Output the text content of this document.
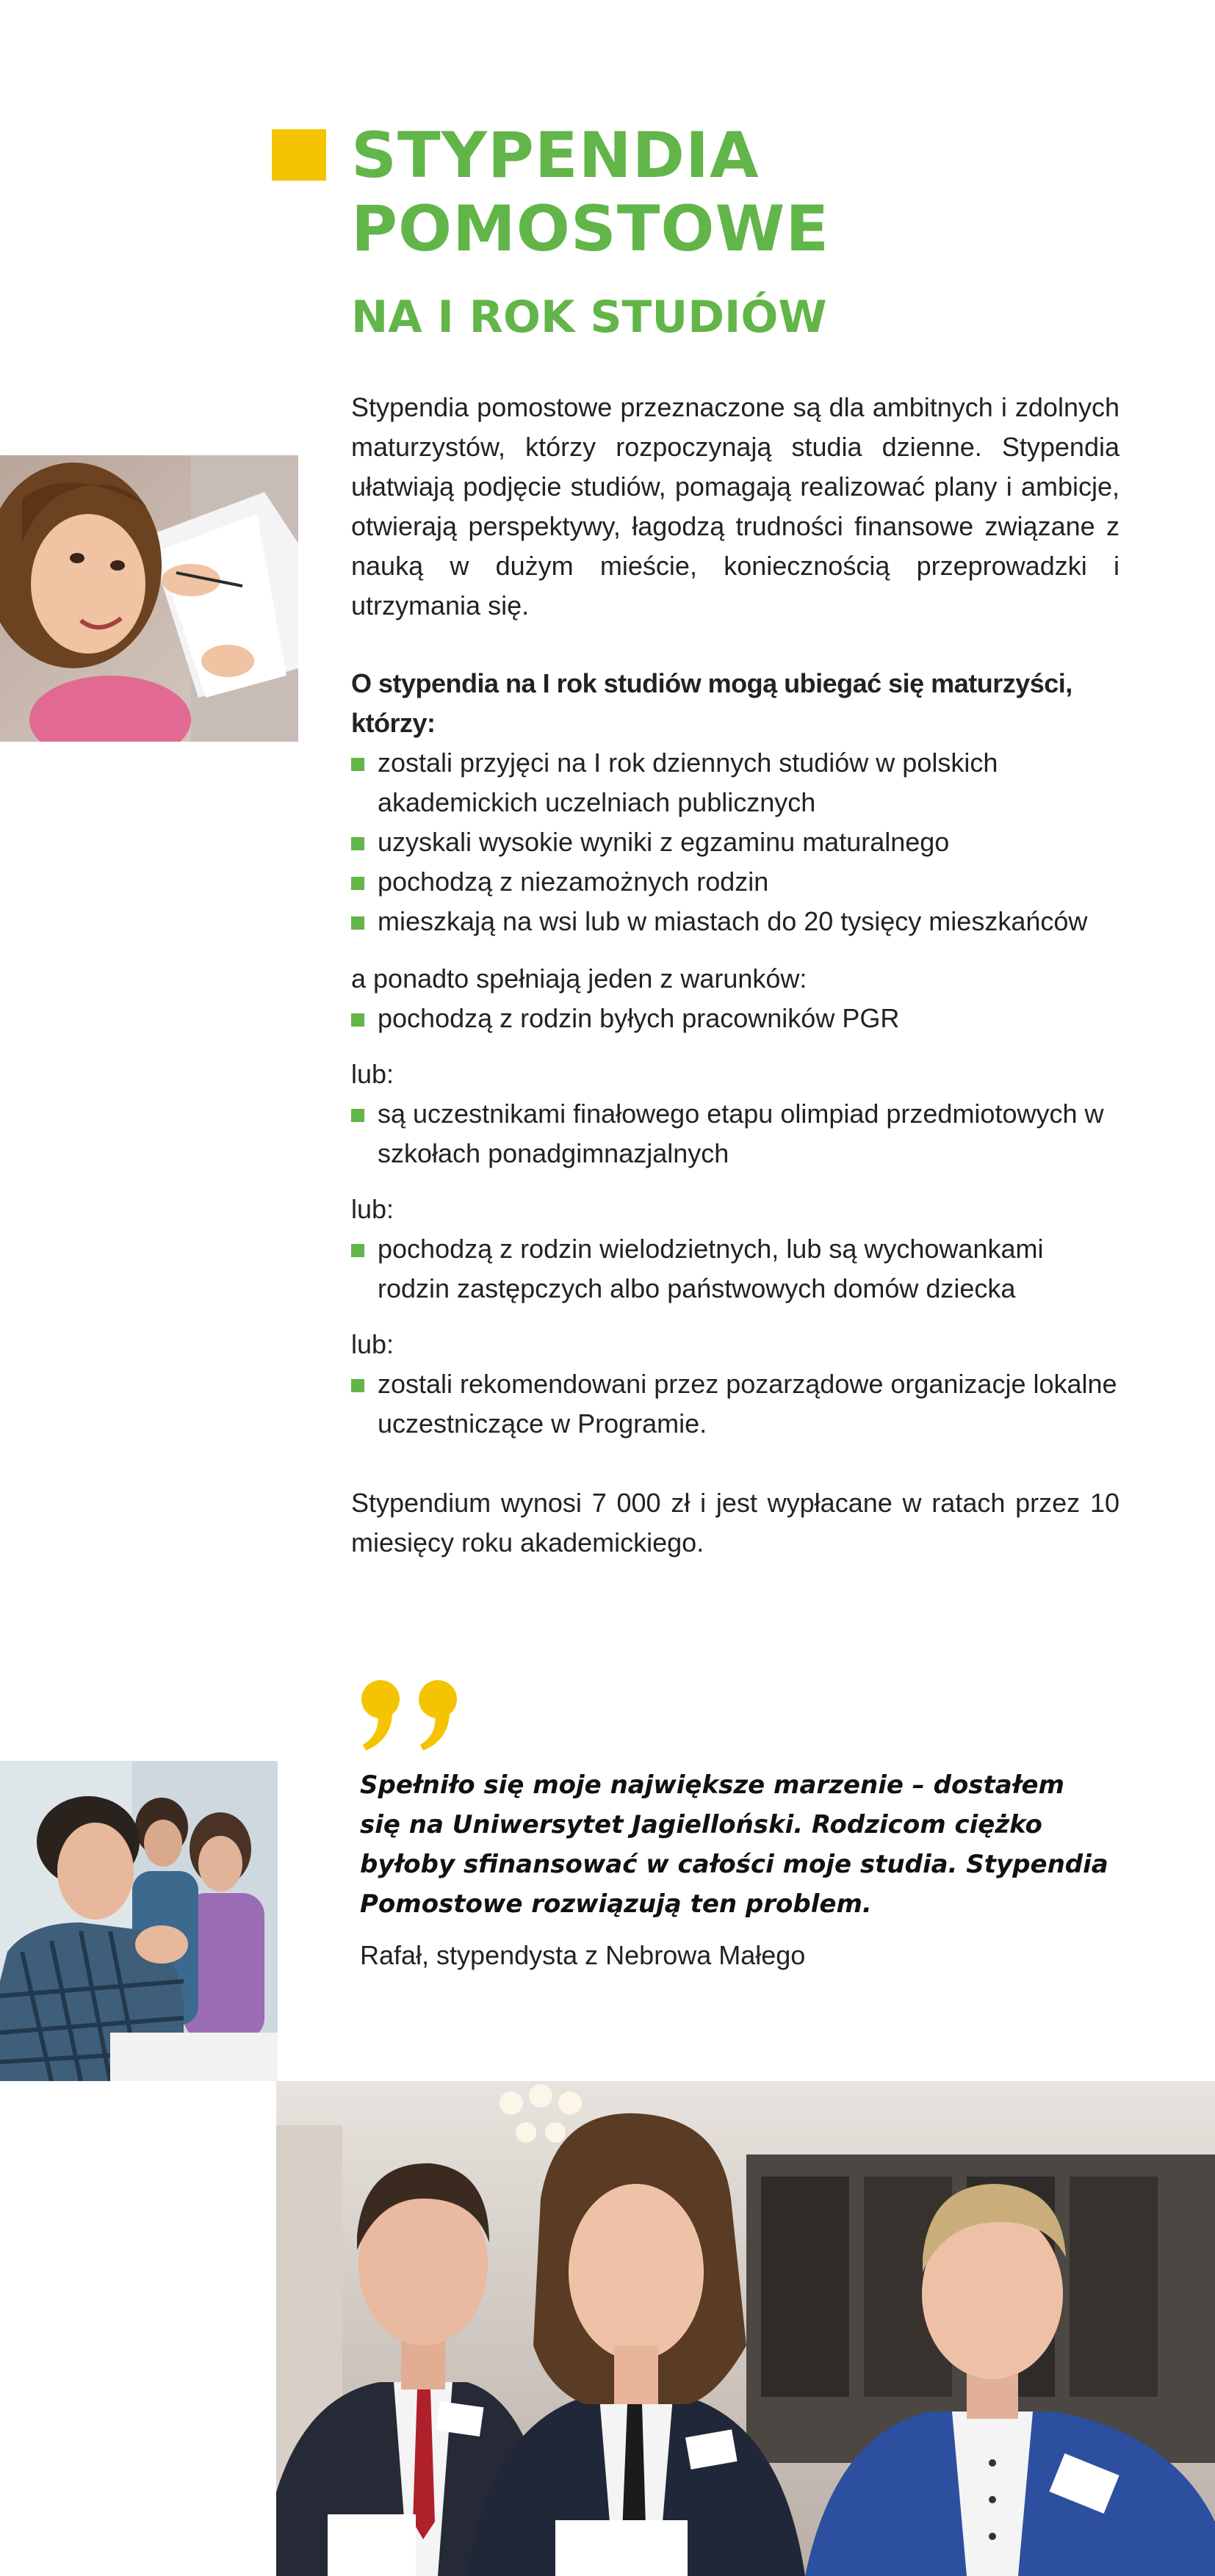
STYPENDIA
POMOSTOWE
NA I ROK STUDIÓW

Stypendia pomostowe przeznaczone są dla ambitnych i zdolnych maturzystów, którzy rozpoczynają studia dzienne. Stypendia ułatwiają podjęcie studiów, pomagają realizować plany i ambicje, otwierają perspektywy, łagodzą trudności finansowe związane z nauką w dużym mieście, koniecznością przeprowadzki i utrzymania się.

O stypendia na I rok studiów mogą ubiegać się maturzyści, którzy:

zostali przyjęci na I rok dziennych studiów w polskich akademickich uczelniach publicznych
uzyskali wysokie wyniki z egzaminu maturalnego
pochodzą z niezamożnych rodzin
mieszkają na wsi lub w miastach do 20 tysięcy mieszkańców

a ponadto spełniają jeden z warunków:

pochodzą z rodzin byłych pracowników PGR

lub:

są uczestnikami finałowego etapu olimpiad przedmiotowych w szkołach ponadgimnazjalnych

lub:

pochodzą z rodzin wielodzietnych, lub są wychowankami rodzin zastępczych albo państwowych domów dziecka

lub:

zostali rekomendowani przez pozarządowe organizacje lokalne uczestniczące w Programie.

Stypendium wynosi 7 000 zł i jest wypłacane w ratach przez 10 miesięcy roku akademickiego.

Spełniło się moje największe marzenie – dostałem się na Uniwersytet Jagielloński. Rodzicom ciężko byłoby sfinansować w całości moje studia. Stypendia Pomostowe rozwiązują ten problem.

Rafał, stypendysta z Nebrowa Małego
